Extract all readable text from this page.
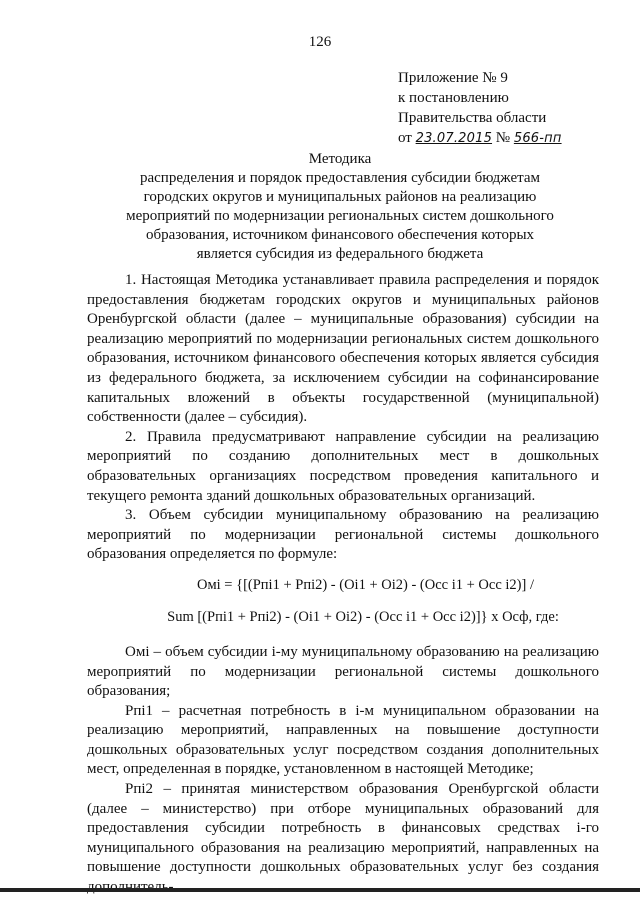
126
Приложение № 9
к постановлению
Правительства области
от 23.07.2015 № 566-пп
Методика
распределения и порядок предоставления субсидии бюджетам
городских округов и муниципальных районов на реализацию
мероприятий по модернизации региональных систем дошкольного
образования, источником финансового обеспечения которых
является субсидия из федерального бюджета

1. Настоящая Методика устанавливает правила распределения и порядок предоставления бюджетам городских округов и муниципальных районов Оренбургской области (далее – муниципальные образования) субсидии на реализацию мероприятий по модернизации региональных систем дошкольного образования, источником финансового обеспечения которых является субсидия из федерального бюджета, за исключением субсидии на софинансирование капитальных вложений в объекты государственной (муниципальной) собственности (далее – субсидия).

2. Правила предусматривают направление субсидии на реализацию мероприятий по созданию дополнительных мест в дошкольных образовательных организациях посредством проведения капитального и текущего ремонта зданий дошкольных образовательных организаций.

3. Объем субсидии муниципальному образованию на реализацию мероприятий по модернизации региональной системы дошкольного образования определяется по формуле:

Омі = {[(Рпі1 + Рпі2) - (Оі1 + Оі2) - (Осс і1 + Осс і2)] /
Sum [(Рпі1 + Рпі2) - (Оі1 + Оі2) - (Осс і1 + Осс і2)]} х Осф, где:

Омі – объем субсидии і-му муниципальному образованию на реализацию мероприятий по модернизации региональной системы дошкольного образования;

Рпі1 – расчетная потребность в і-м муниципальном образовании на реализацию мероприятий, направленных на повышение доступности дошкольных образовательных услуг посредством создания дополнительных мест, определенная в порядке, установленном в настоящей Методике;

Рпі2 – принятая министерством образования Оренбургской области (далее – министерство) при отборе муниципальных образований для предоставления субсидии потребность в финансовых средствах і-го муниципального образования на реализацию мероприятий, направленных на повышение доступности дошкольных образовательных услуг без создания
